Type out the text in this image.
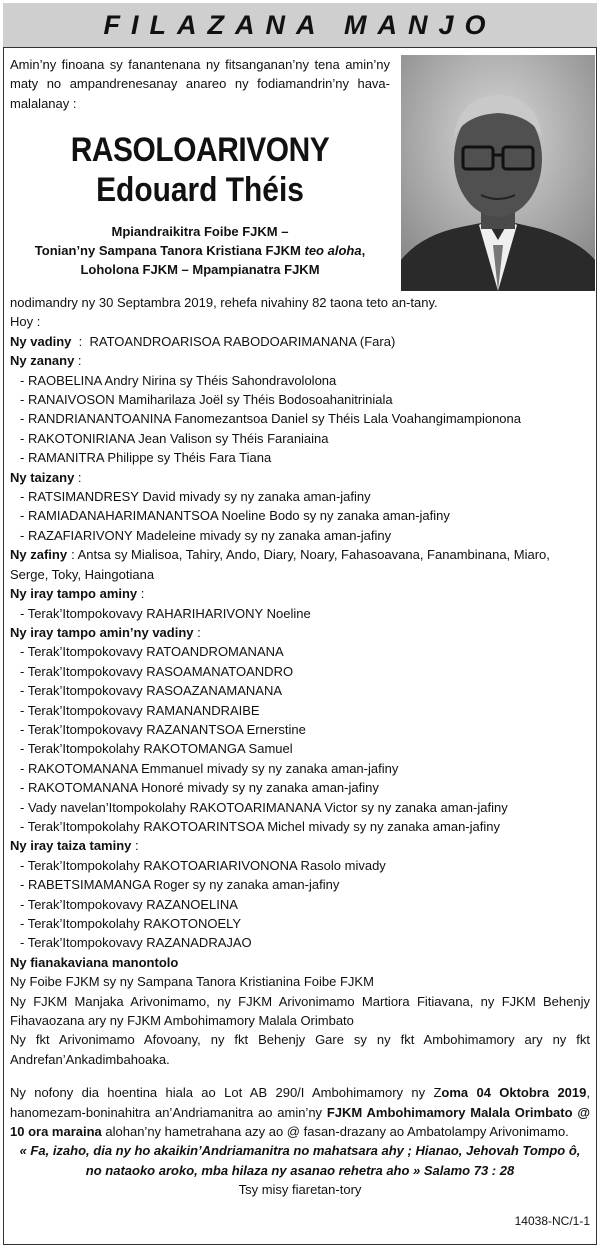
FILAZANA MANJO
Amin’ny finoana sy fanantenana ny fitsanganan’ny tena amin’ny maty no ampandrenesanay anareo ny fodiamandrin’ny hava-malalanay :
RASOLOARIVONY
Edouard Théis
Mpiandraikitra Foibe FJKM –
Tonian’ny Sampana Tanora Kristiana FJKM teo aloha,
Loholona FJKM – Mpampianatra FJKM
nodimandry ny 30 Septambra 2019, rehefa nivahiny 82 taona teto an-tany.
Hoy :
Ny vadiny  :  RATOANDROARISOA RABODOARIMANANA (Fara)
Ny zanany :
- RAOBELINA Andry Nirina sy Théis Sahondravololona
- RANAIVOSON Mamiharilaza Joël sy Théis Bodosoahanitriniala
- RANDRIANANTOANINA Fanomezantsoa Daniel sy Théis Lala Voahangimampionona
- RAKOTONIRIANA Jean Valison sy Théis Faraniaina
- RAMANITRA Philippe sy Théis Fara Tiana
Ny taizany :
- RATSIMANDRESY David mivady sy ny zanaka aman-jafiny
- RAMIADANAHARIMANANTSOA Noeline Bodo sy ny zanaka aman-jafiny
- RAZAFIARIVONY Madeleine mivady sy ny zanaka aman-jafiny
Ny zafiny : Antsa sy Mialisoa, Tahiry, Ando, Diary, Noary, Fahasoavana, Fanambinana, Miaro,
Serge, Toky, Haingotiana
Ny iray tampo aminy :
- Terak’Itompokovavy RAHARIHARIVONY Noeline
Ny iray tampo amin’ny vadiny :
- Terak’Itompokovavy RATOANDROMANANA
- Terak’Itompokovavy RASOAMANATOANDRO
- Terak’Itompokovavy RASOAZANAMANANA
- Terak’Itompokovavy RAMANANDRAIBE
- Terak’Itompokovavy RAZANANTSOA Ernerstine
- Terak’Itompokolahy RAKOTOMANGA Samuel
- RAKOTOMANANA Emmanuel mivady sy ny zanaka aman-jafiny
- RAKOTOMANANA Honoré mivady sy ny zanaka aman-jafiny
- Vady navelan’Itompokolahy RAKOTOARIMANANA Victor sy ny zanaka aman-jafiny
- Terak’Itompokolahy RAKOTOARINTSOA Michel mivady sy ny zanaka aman-jafiny
Ny iray taiza taminy :
- Terak’Itompokolahy RAKOTOARIARIVONONA Rasolo mivady
- RABETSIMAMANGA Roger sy ny zanaka aman-jafiny
- Terak’Itompokovavy RAZANOELINA
- Terak’Itompokolahy RAKOTONOELY
- Terak’Itompokovavy RAZANADRAJAO
Ny fianakaviana manontolo
Ny Foibe FJKM sy ny Sampana Tanora Kristianina Foibe FJKM
Ny FJKM Manjaka Arivonimamo, ny FJKM Arivonimamo Martiora Fitiavana, ny FJKM Behenjy Fihavaozana ary ny FJKM Ambohimamory Malala Orimbato
Ny fkt Arivonimamo Afovoany, ny fkt Behenjy Gare sy ny fkt Ambohimamory ary ny fkt Andrefan’Ankadimbahoaka.
Ny nofony dia hoentina hiala ao Lot AB 290/I Ambohimamory ny Zoma 04 Oktobra 2019, hanomezam-boninahitra an’Andriamanitra ao amin’ny FJKM Ambohimamory Malala Orimbato @ 10 ora maraina alohan’ny hametrahana azy ao @ fasan-drazany ao Ambatolampy Arivonimamo.
« Fa, izaho, dia ny ho akaikin’Andriamanitra no mahatsara ahy ; Hianao, Jehovah Tompo ô, no nataoko aroko, mba hilaza ny asanao rehetra aho » Salamo 73 : 28
Tsy misy fiaretan-tory
14038-NC/1-1
